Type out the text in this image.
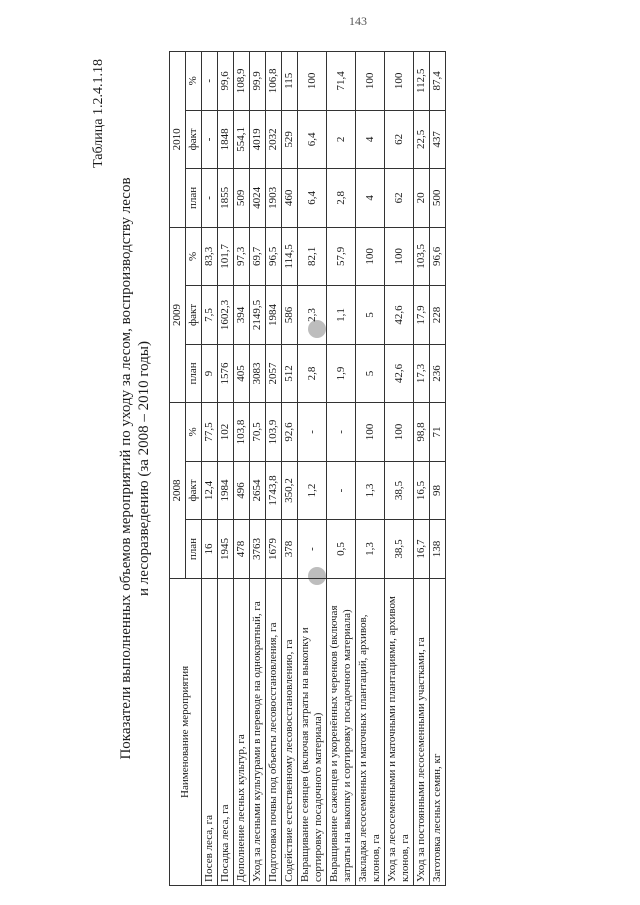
143
Таблица 1.2.4.1.18
Показатели выполненных объемов мероприятий по уходу за лесом, воспроизводству лесов и лесоразведению (за 2008 – 2010 годы)
Наименование мероприятия	2008			2009			2010		
	план	факт	%	план	факт	%	план	факт	%
Посев леса, га	16	12,4	77,5	9	7,5	83,3	-	-	-
Посадка леса, га	1945	1984	102	1576	1602,3	101,7	1855	1848	99,6
Дополнение лесных культур, га	478	496	103,8	405	394	97,3	509	554,1	108,9
Уход за лесными культурами в переводе на однократный, га	3763	2654	70,5	3083	2149,5	69,7	4024	4019	99,9
Подготовка почвы под объекты лесовосстановления, га	1679	1743,8	103,9	2057	1984	96,5	1903	2032	106,8
Содействие естественному лесовосстановлению, га	378	350,2	92,6	512	586	114,5	460	529	115
Выращивание сеянцев (включая затраты на выкопку и сортировку посадочного материала)	-	1,2	-	2,8	2,3	82,1	6,4	6,4	100
Выращивание саженцев и укоренённых черенков (включая затраты на выкопку и сортировку посадочного материала)	0,5	-	-	1,9	1,1	57,9	2,8	2	71,4
Закладка лесосеменных и маточных плантаций, архивов, клонов, га	1,3	1,3	100	5	5	100	4	4	100
Уход за лесосеменными и маточными плантациями, архивом клонов, га	38,5	38,5	100	42,6	42,6	100	62	62	100
Уход за постоянными лесосеменными участками, га	16,7	16,5	98,8	17,3	17,9	103,5	20	22,5	112,5
Заготовка лесных семян, кг	138	98	71	236	228	96,6	500	437	87,4
